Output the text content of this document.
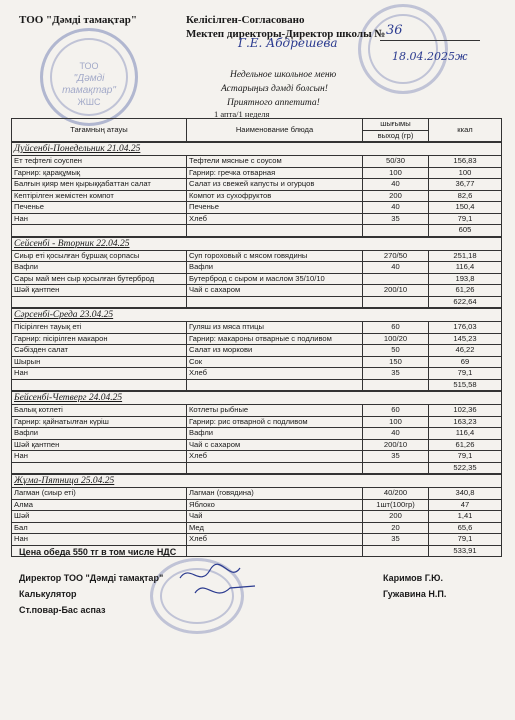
ТОО
"Дәмді
тамақтар"
ЖШС
ТОО "Дәмді тамақтар"	Келісілген-Согласовано
Мектеп директоры-Директор школы № 36
Г.Е. Абдрешева
18.04.2025ж
Недельное школьное меню
Астарыңыз дәмді болсын!
Приятного аппетита!
1 апта/1 неделя
Тағамның атауы	Наименование блюда	шығымы	ккал
		выход (гр)	
Дүйсенбі-Понедельник 21.04.25			
Ет тефтелі соуспен	Тефтели мясные с соусом	50/30	156,83
Гарнир: қарақұмық	Гарнир: гречка отварная	100	100
Балғын қияр мен қырыққабаттан салат	Салат из свежей капусты и огурцов	40	36,77
Кептірілген жемістен компот	Компот из сухофруктов	200	82,6
Печенье	Печенье	40	150,4
Нан	Хлеб	35	79,1
			605
Сейсенбі - Вторник 22.04.25			
Сиыр еті қосылған бұршақ сорпасы	Суп гороховый с мясом говядины	270/50	251,18
Вафли	Вафли	40	116,4
Сары май мен сыр қосылған бутерброд	Бутерброд с сыром и маслом 35/10/10		193,8
Шәй қантпен	Чай с сахаром	200/10	61,26
			622,64
Сәрсенбі-Среда 23.04.25			
Пісірілген тауық еті	Гуляш из мяса птицы	60	176,03
Гарнир: пісірілген макарон	Гарнир: макароны отварные с подливом	100/20	145,23
Сәбізден салат	Салат из моркови	50	46,22
Шырын	Сок	150	69
Нан	Хлеб	35	79,1
			515,58
Бейсенбі-Четверг 24.04.25			
Балық котлеті	Котлеты рыбные	60	102,36
Гарнир: қайнатылған күріш	Гарнир: рис отварной с подливом	100	163,23
Вафли	Вафли	40	116,4
Шәй қантпен	Чай с сахаром	200/10	61,26
Нан	Хлеб	35	79,1
			522,35
Жұма-Пятница 25.04.25			
Лагман (сиыр еті)	Лагман (говядина)	40/200	340,8
Алма	Яблоко	1шт(100гр)	47
Шәй	Чай	200	1,41
Бал	Мед	20	65,6
Нан	Хлеб	35	79,1
			533,91
Цена обеда 550 тг в том числе НДС
Директор ТОО "Дәмді тамақтар"
Калькулятор
Ст.повар-Бас аспаз
Каримов Г.Ю.
Гужавина Н.П.
